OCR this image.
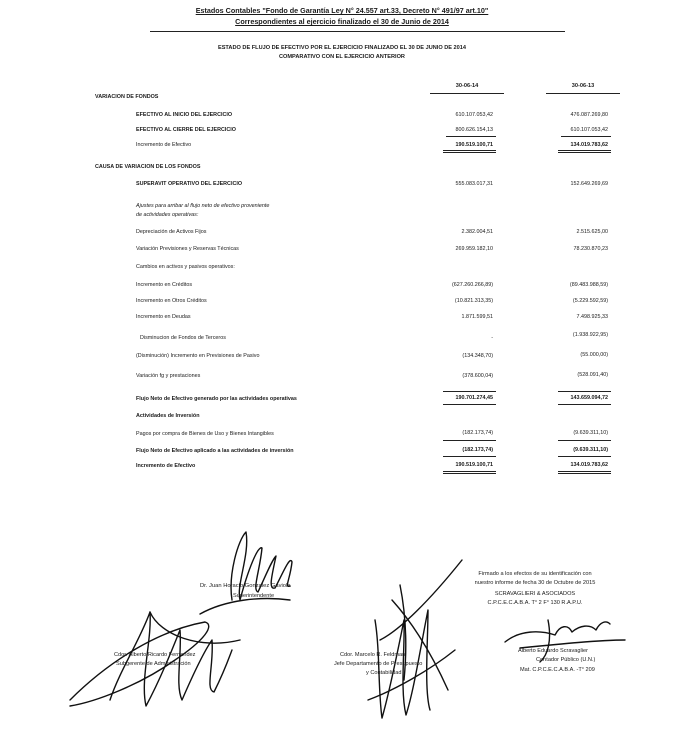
Estados Contables "Fondo de Garantía Ley N° 24.557 art.33, Decreto N° 491/97 art.10"
Correspondientes al ejercicio finalizado el 30 de Junio de 2014
ESTADO DE FLUJO DE EFECTIVO POR EL EJERCICIO FINALIZADO EL 30 DE JUNIO DE 2014
COMPARATIVO CON EL EJERCICIO ANTERIOR
30-06-14	30-06-13
VARIACION DE FONDOS
EFECTIVO AL INICIO DEL EJERCICIO	610.107.053,42	476.087.269,80
EFECTIVO AL CIERRE DEL EJERCICIO	800.626.154,13	610.107.053,42
Incremento de Efectivo	190.519.100,71	134.019.783,62
CAUSA DE VARIACION DE LOS FONDOS
SUPERAVIT OPERATIVO DEL EJERCICIO	555.083.017,31	152.649.269,69
Ajustes para arribar al flujo neto de efectivo proveniente
de actividades operativas:
Depreciación de Activos Fijos	2.382.004,51	2.515.625,00
Variación Previsiones y Reservas Técnicas	269.959.182,10	78.230.870,23
Cambios en activos y pasivos operativos:
Incremento en Créditos	(627.260.266,89)	(89.483.988,59)
Incremento en Otros Créditos	(10.821.313,35)	(5.229.592,59)
Incremento en Deudas	1.871.599,51	7.498.925,33
Disminucion de Fondos de Terceros	-	(1.938.922,95)
(Disminución) Incremento en Previsiones de Pasivo	(134.348,70)	(55.000,00)
Variación fg y prestaciones	(378.600,04)	(528.091,40)
Flujo Neto de Efectivo generado por las actividades operativas	190.701.274,45	143.659.094,72
Actividades de Inversión
Pagos por compra de Bienes de Uso y Bienes Intangibles	(182.173,74)	(9.639.311,10)
Flujo Neto de Efectivo aplicado a las actividades de inversión	(182.173,74)	(9.639.311,10)
Incremento de Efectivo	190.519.100,71	134.019.783,62
Dr. Juan Horacio Gonzalez Gaviola
Superintendente
Cdor. Alberto Ricardo Fernandez
Subgerente de Administración
Cdor. Marcelo R. Feldman
Jefe Departamento de Presupuesto
y Contabilidad
Firmado a los efectos de su identificación con
nuestro informe de fecha 30 de Octubre de 2015
SCRAVAGLIERI & ASOCIADOS
C.P.C.E.C.A.B.A. T° 2 F° 130 R.A.P.U.
Alberto Eduardo Scravaglier
Contador Público (U.N.)
Mat. C.P.C.E.C.A.B.A. -T° 209
